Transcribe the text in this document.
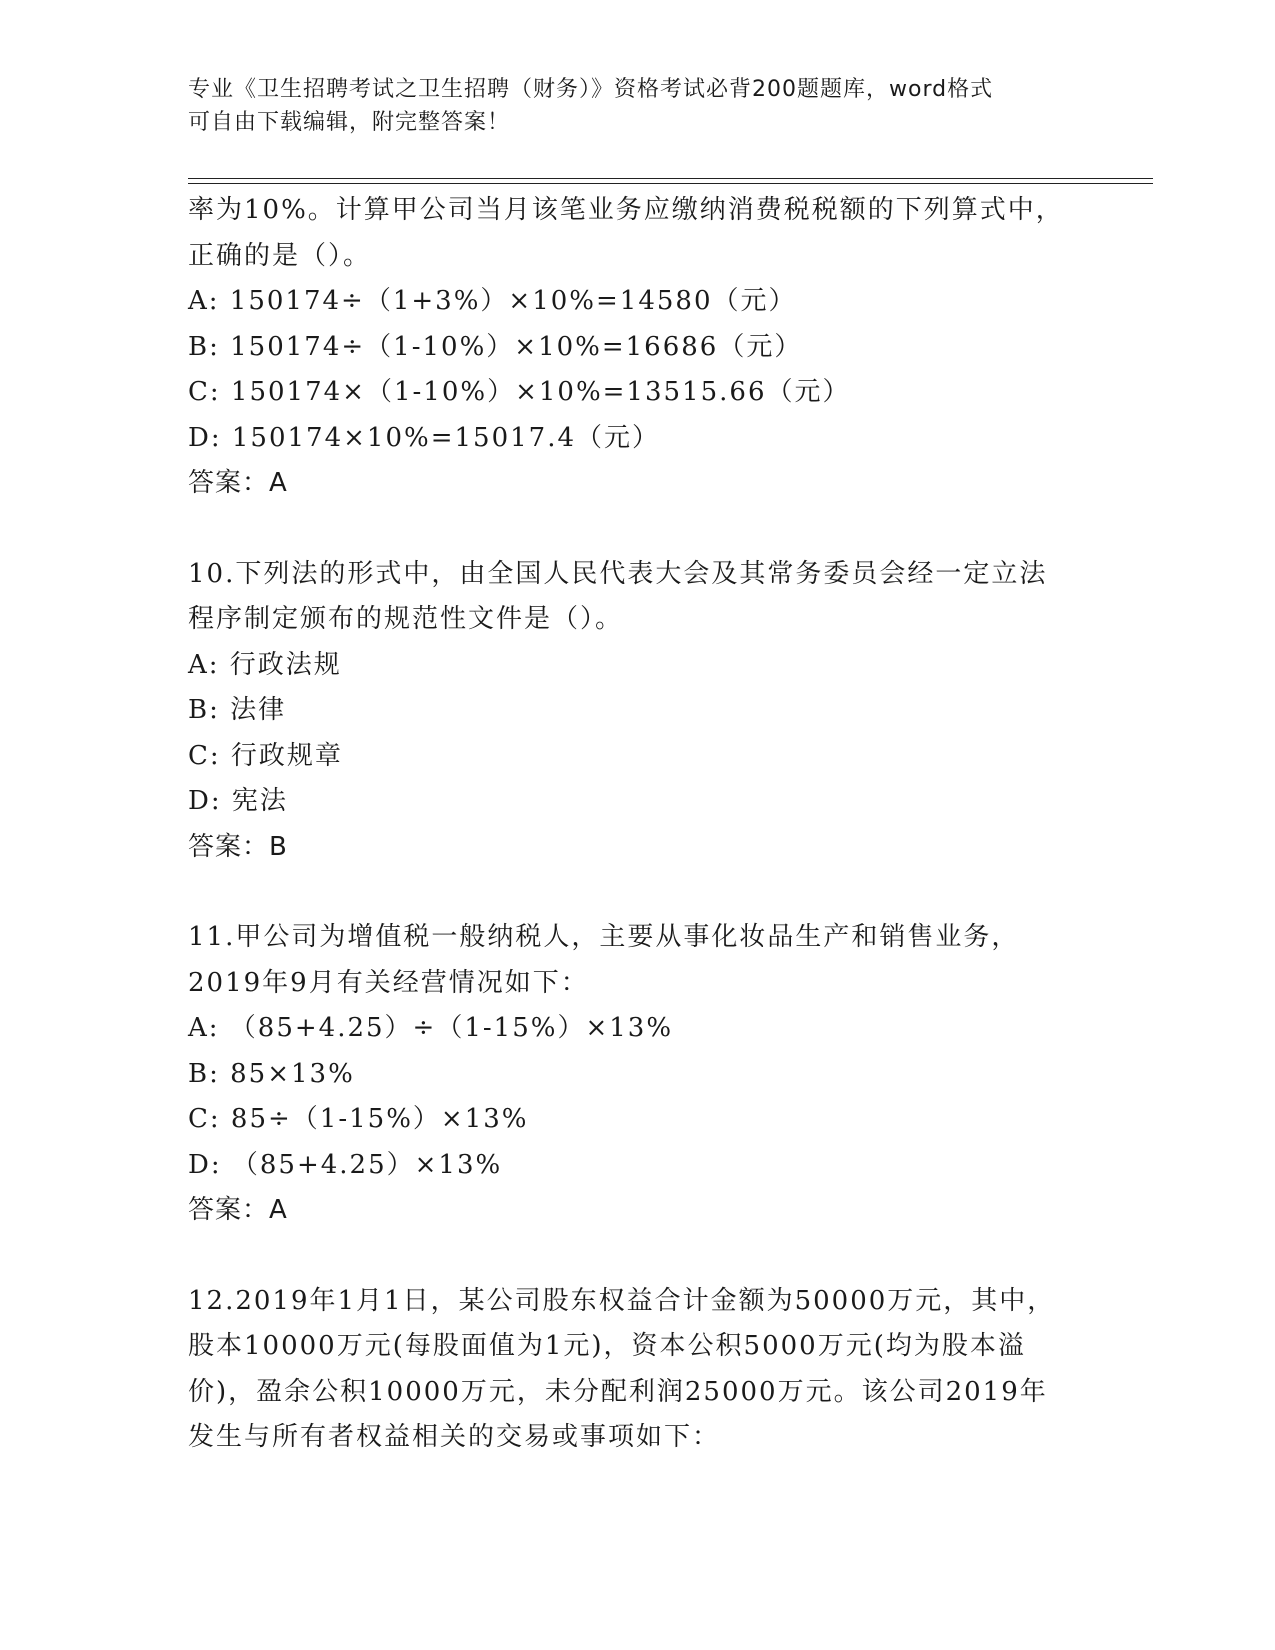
专业《卫生招聘考试之卫生招聘（财务）》资格考试必背200题题库，word格式
可自由下载编辑，附完整答案！
率为10%。计算甲公司当月该笔业务应缴纳消费税税额的下列算式中，
正确的是（）。
A: 150174÷（1+3%）×10%=14580（元）
B: 150174÷（1-10%）×10%=16686（元）
C: 150174×（1-10%）×10%=13515.66（元）
D: 150174×10%=15017.4（元）
答案：A
10.下列法的形式中，由全国人民代表大会及其常务委员会经一定立法
程序制定颁布的规范性文件是（）。
A: 行政法规
B: 法律
C: 行政规章
D: 宪法
答案：B
11.甲公司为增值税一般纳税人，主要从事化妆品生产和销售业务，
2019年9月有关经营情况如下：
A: （85+4.25）÷（1-15%）×13%
B: 85×13%
C: 85÷（1-15%）×13%
D: （85+4.25）×13%
答案：A
12.2019年1月1日，某公司股东权益合计金额为50000万元，其中，
股本10000万元(每股面值为1元)，资本公积5000万元(均为股本溢
价)，盈余公积10000万元，未分配利润25000万元。该公司2019年
发生与所有者权益相关的交易或事项如下：
